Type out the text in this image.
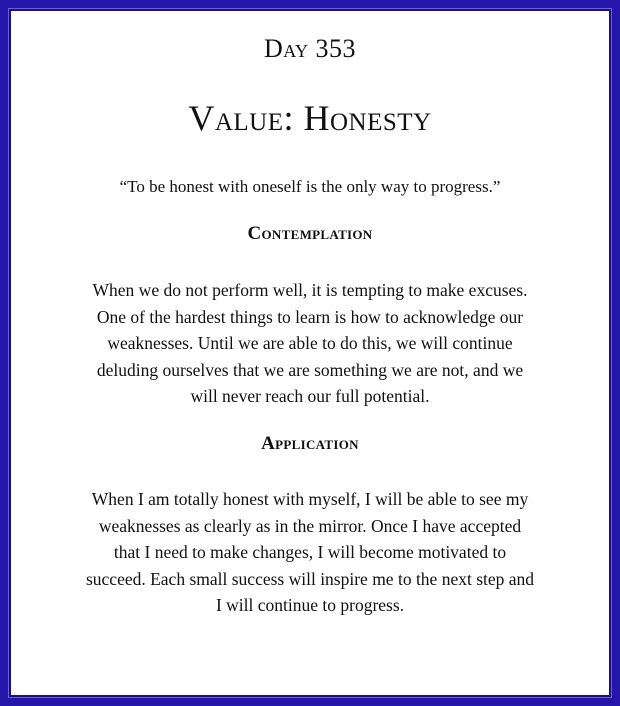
Day 353
Value: Honesty
“To be honest with oneself is the only way to progress.”
Contemplation
When we do not perform well, it is tempting to make excuses.
One of the hardest things to learn is how to acknowledge our
weaknesses. Until we are able to do this, we will continue
deluding ourselves that we are something we are not, and we
will never reach our full potential.
Application
When I am totally honest with myself, I will be able to see my
weaknesses as clearly as in the mirror. Once I have accepted
that I need to make changes, I will become motivated to
succeed. Each small success will inspire me to the next step and
I will continue to progress.
